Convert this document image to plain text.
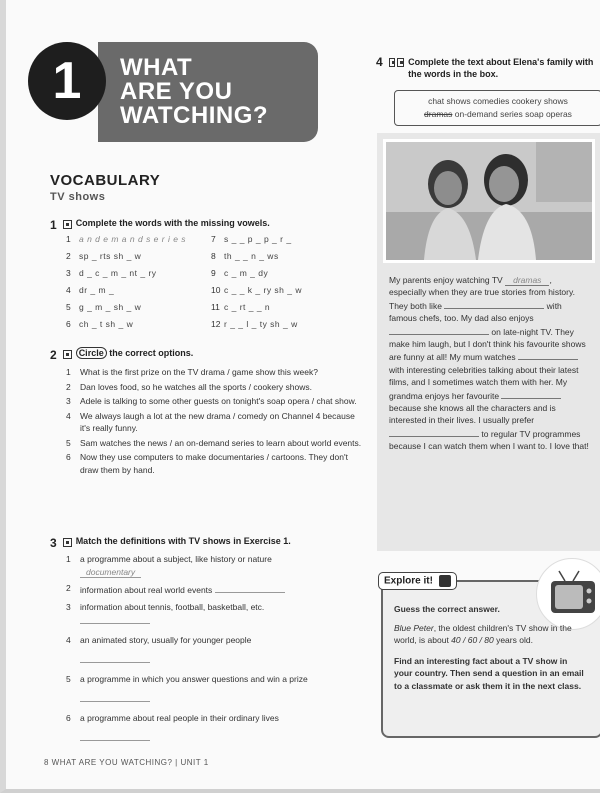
1	WHAT
ARE YOU
WATCHING?
VOCABULARY
TV shows
1 Complete the words with the missing vowels.
1 a n d e m a n d s e r i e s	7 s _ _ p _ p _ r _
2 sp _ rts sh _ w	8 th _ _ n _ ws
3 d _ c _ m _ nt _ ry	9 c _ m _ dy
4 dr _ m _	10 c _ _ k _ ry sh _ w
5 g _ m _ sh _ w	11 c _ rt _ _ n
6 ch _ t sh _ w	12 r _ _ l _ ty sh _ w
2	Circle the correct options.
1	What is the first prize on the TV drama / game show this week?
2	Dan loves food, so he watches all the sports / cookery shows.
3	Adele is talking to some other guests on tonight's soap opera / chat show.
4	We always laugh a lot at the new drama / comedy on Channel 4 because it's really funny.
5	Sam watches the news / an on-demand series to learn about world events.
6	Now they use computers to make documentaries / cartoons. They don't draw them by hand.
3 Match the definitions with TV shows in Exercise 1.
1	a programme about a subject, like history or nature
documentary
2	information about real world events
3	information about tennis, football, basketball, etc.

4	an animated story, usually for younger people

5	a programme in which you answer questions and win a prize

6	a programme about real people in their ordinary lives

4	Complete the text about Elena's family with the words in the box.
chat shows comedies cookery shows
dramas on-demand series soap operas
My parents enjoy watching TV dramas , especially when they are true stories from history. They both like	with famous chefs, too. My dad also enjoys  on late-night TV. They make him laugh, but I don't think his favourite shows are funny at all! My mum watches  with interesting celebrities talking about their latest films, and I sometimes watch them with her. My grandma enjoys her favourite  because she knows all the characters and is interested in their lives. I usually prefer  to regular TV programmes because I can watch them when I want to. I love that!
Explore it!
Guess the correct answer.
Blue Peter, the oldest children's TV show in the world, is about 40 / 60 / 80 years old.
Find an interesting fact about a TV show in your country. Then send a question in an email to a classmate or ask them it in the next class.
8 WHAT ARE YOU WATCHING? | UNIT 1
